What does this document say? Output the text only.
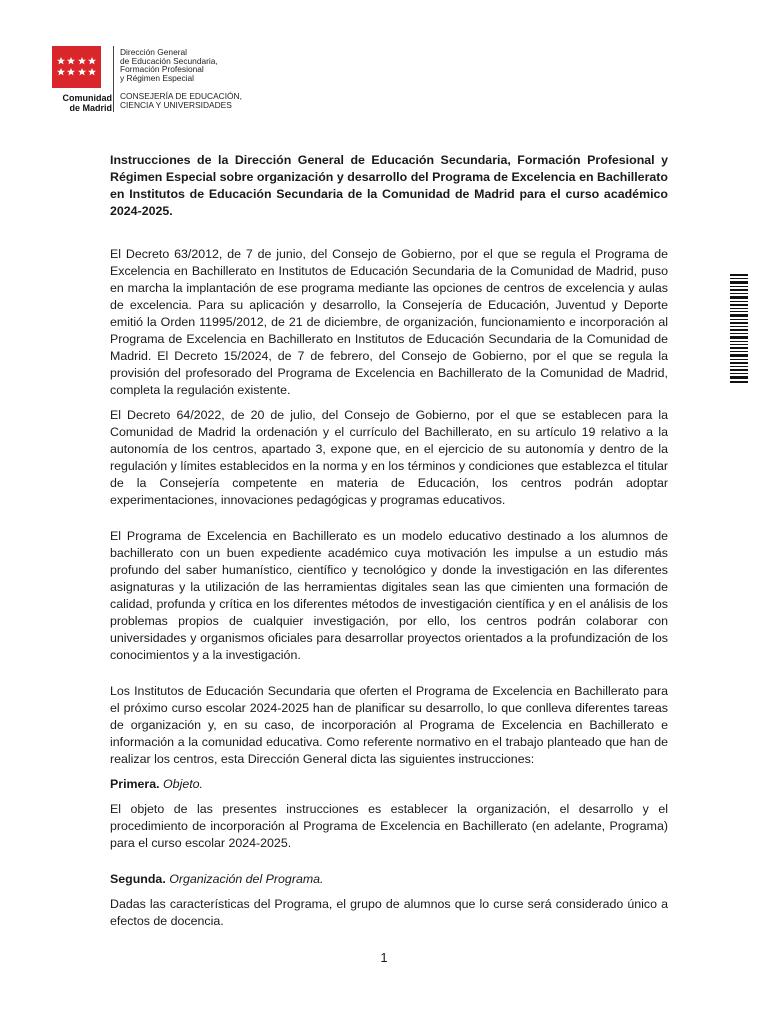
Comunidad
de Madrid
Dirección General
de Educación Secundaria,
Formación Profesional
y Régimen Especial
CONSEJERÍA DE EDUCACIÓN,
CIENCIA Y UNIVERSIDADES

Instrucciones de la Dirección General de Educación Secundaria, Formación Profesional y Régimen Especial sobre organización y desarrollo del Programa de Excelencia en Bachillerato en Institutos de Educación Secundaria de la Comunidad de Madrid para el curso académico 2024-2025.

El Decreto 63/2012, de 7 de junio, del Consejo de Gobierno, por el que se regula el Programa de Excelencia en Bachillerato en Institutos de Educación Secundaria de la Comunidad de Madrid, puso en marcha la implantación de ese programa mediante las opciones de centros de excelencia y aulas de excelencia. Para su aplicación y desarrollo, la Consejería de Educación, Juventud y Deporte emitió la Orden 11995/2012, de 21 de diciembre, de organización, funcionamiento e incorporación al Programa de Excelencia en Bachillerato en Institutos de Educación Secundaria de la Comunidad de Madrid. El Decreto 15/2024, de 7 de febrero, del Consejo de Gobierno, por el que se regula la provisión del profesorado del Programa de Excelencia en Bachillerato de la Comunidad de Madrid, completa la regulación existente.

El Decreto 64/2022, de 20 de julio, del Consejo de Gobierno, por el que se establecen para la Comunidad de Madrid la ordenación y el currículo del Bachillerato, en su artículo 19 relativo a la autonomía de los centros, apartado 3, expone que, en el ejercicio de su autonomía y dentro de la regulación y límites establecidos en la norma y en los términos y condiciones que establezca el titular de la Consejería competente en materia de Educación, los centros podrán adoptar experimentaciones, innovaciones pedagógicas y programas educativos.

El Programa de Excelencia en Bachillerato es un modelo educativo destinado a los alumnos de bachillerato con un buen expediente académico cuya motivación les impulse a un estudio más profundo del saber humanístico, científico y tecnológico y donde la investigación en las diferentes asignaturas y la utilización de las herramientas digitales sean las que cimienten una formación de calidad, profunda y crítica en los diferentes métodos de investigación científica y en el análisis de los problemas propios de cualquier investigación, por ello, los centros podrán colaborar con universidades y organismos oficiales para desarrollar proyectos orientados a la profundización de los conocimientos y a la investigación.

Los Institutos de Educación Secundaria que oferten el Programa de Excelencia en Bachillerato para el próximo curso escolar 2024-2025 han de planificar su desarrollo, lo que conlleva diferentes tareas de organización y, en su caso, de incorporación al Programa de Excelencia en Bachillerato e información a la comunidad educativa. Como referente normativo en el trabajo planteado que han de realizar los centros, esta Dirección General dicta las siguientes instrucciones:

Primera. Objeto.

El objeto de las presentes instrucciones es establecer la organización, el desarrollo y el procedimiento de incorporación al Programa de Excelencia en Bachillerato (en adelante, Programa) para el curso escolar 2024-2025.

Segunda. Organización del Programa.

Dadas las características del Programa, el grupo de alumnos que lo curse será considerado único a efectos de docencia.

1
